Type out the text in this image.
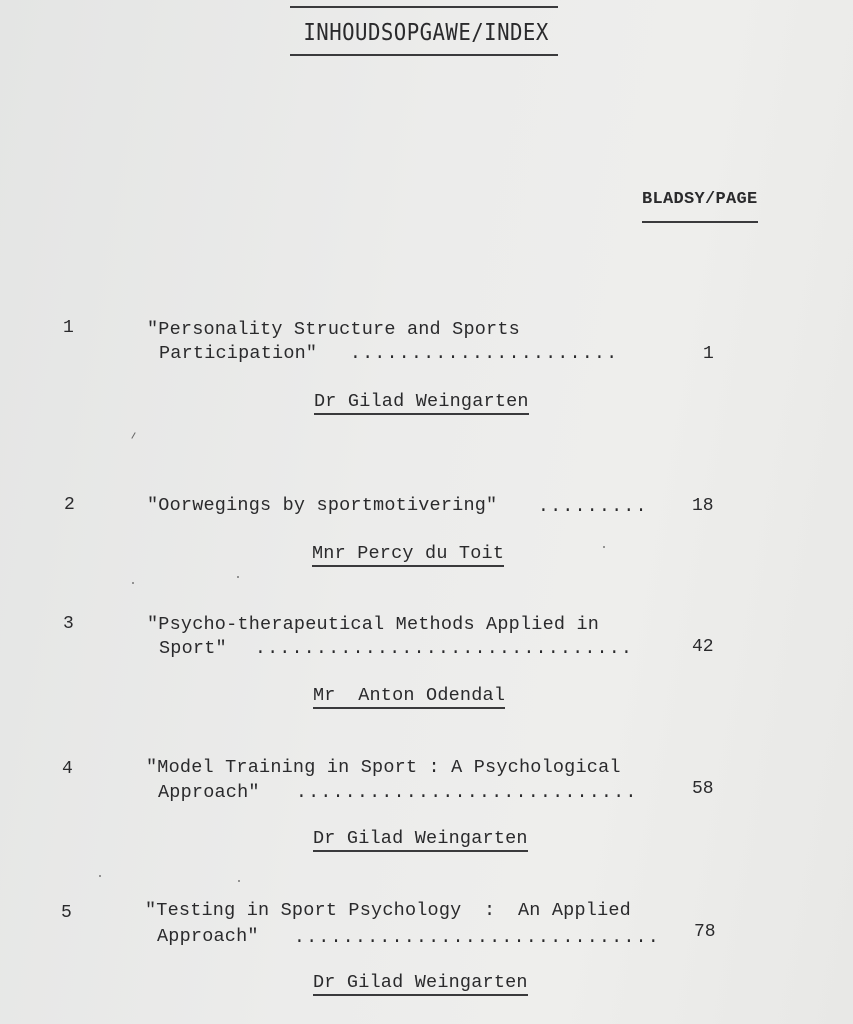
INHOUDSOPGAWE/INDEX
BLADSY/PAGE
1	"Personality Structure and Sports
Participation" ......................	1
Dr Gilad Weingarten
2	"Oorwegings by sportmotivering" ......... 18
Mnr Percy du Toit
3	"Psycho-therapeutical Methods Applied in
Sport" ...............................	42
Mr  Anton Odendal
4	"Model Training in Sport : A Psychological
Approach" ............................	58
Dr Gilad Weingarten
5	"Testing in Sport Psychology  :  An Applied
Approach" .............................. 78
Dr Gilad Weingarten
